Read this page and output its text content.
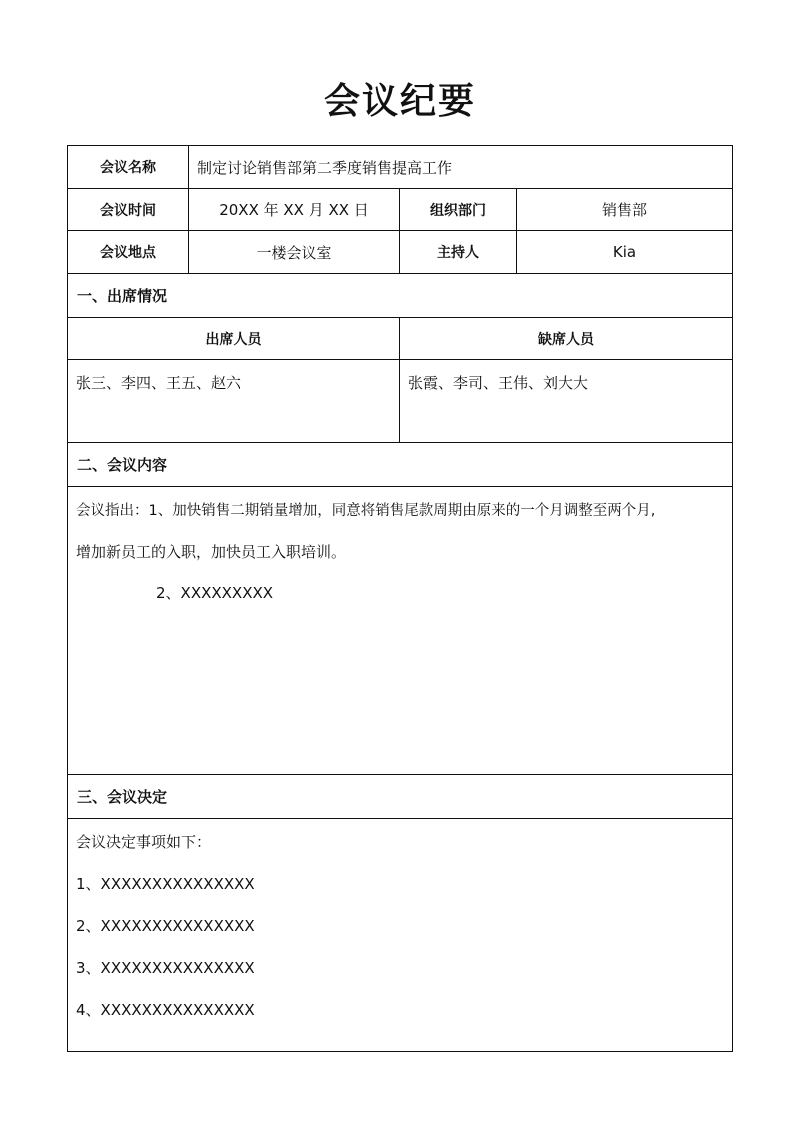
会议纪要
会议名称	制定讨论销售部第二季度销售提高工作
会议时间	20XX 年 XX 月 XX 日	组织部门	销售部
会议地点	一楼会议室	主持人	Kia
一、出席情况
出席人员	缺席人员
张三、李四、王五、赵六	张霞、李司、王伟、刘大大
二、会议内容
会议指出：1、加快销售二期销量增加，同意将销售尾款周期由原来的一个月调整至两个月,
增加新员工的入职，加快员工入职培训。
2、XXXXXXXXX
三、会议决定
会议决定事项如下：
1、XXXXXXXXXXXXXXX
2、XXXXXXXXXXXXXXX
3、XXXXXXXXXXXXXXX
4、XXXXXXXXXXXXXXX
